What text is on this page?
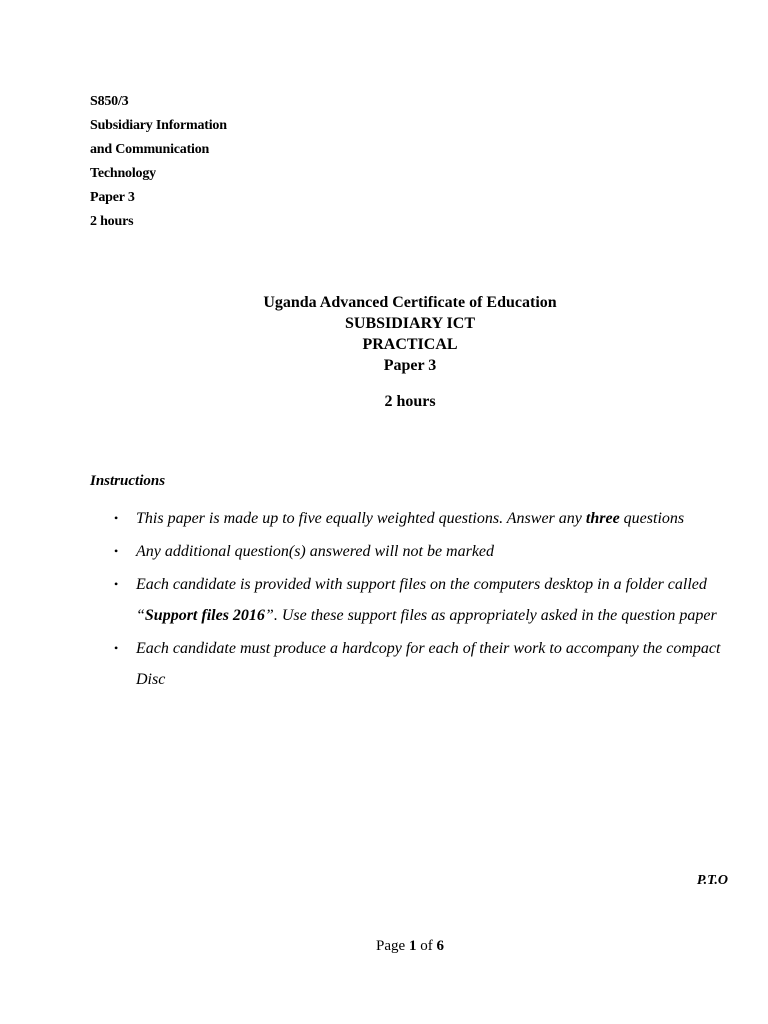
S850/3
Subsidiary Information
and Communication
Technology
Paper 3
2 hours
Uganda Advanced Certificate of Education
SUBSIDIARY ICT
PRACTICAL
Paper 3
2 hours
Instructions
• This paper is made up to five equally weighted questions. Answer any three questions
• Any additional question(s) answered will not be marked
• Each candidate is provided with support files on the computers desktop in a folder called “Support files 2016”. Use these support files as appropriately asked in the question paper
• Each candidate must produce a hardcopy for each of their work to accompany the compact Disc
P.T.O
Page 1 of 6
